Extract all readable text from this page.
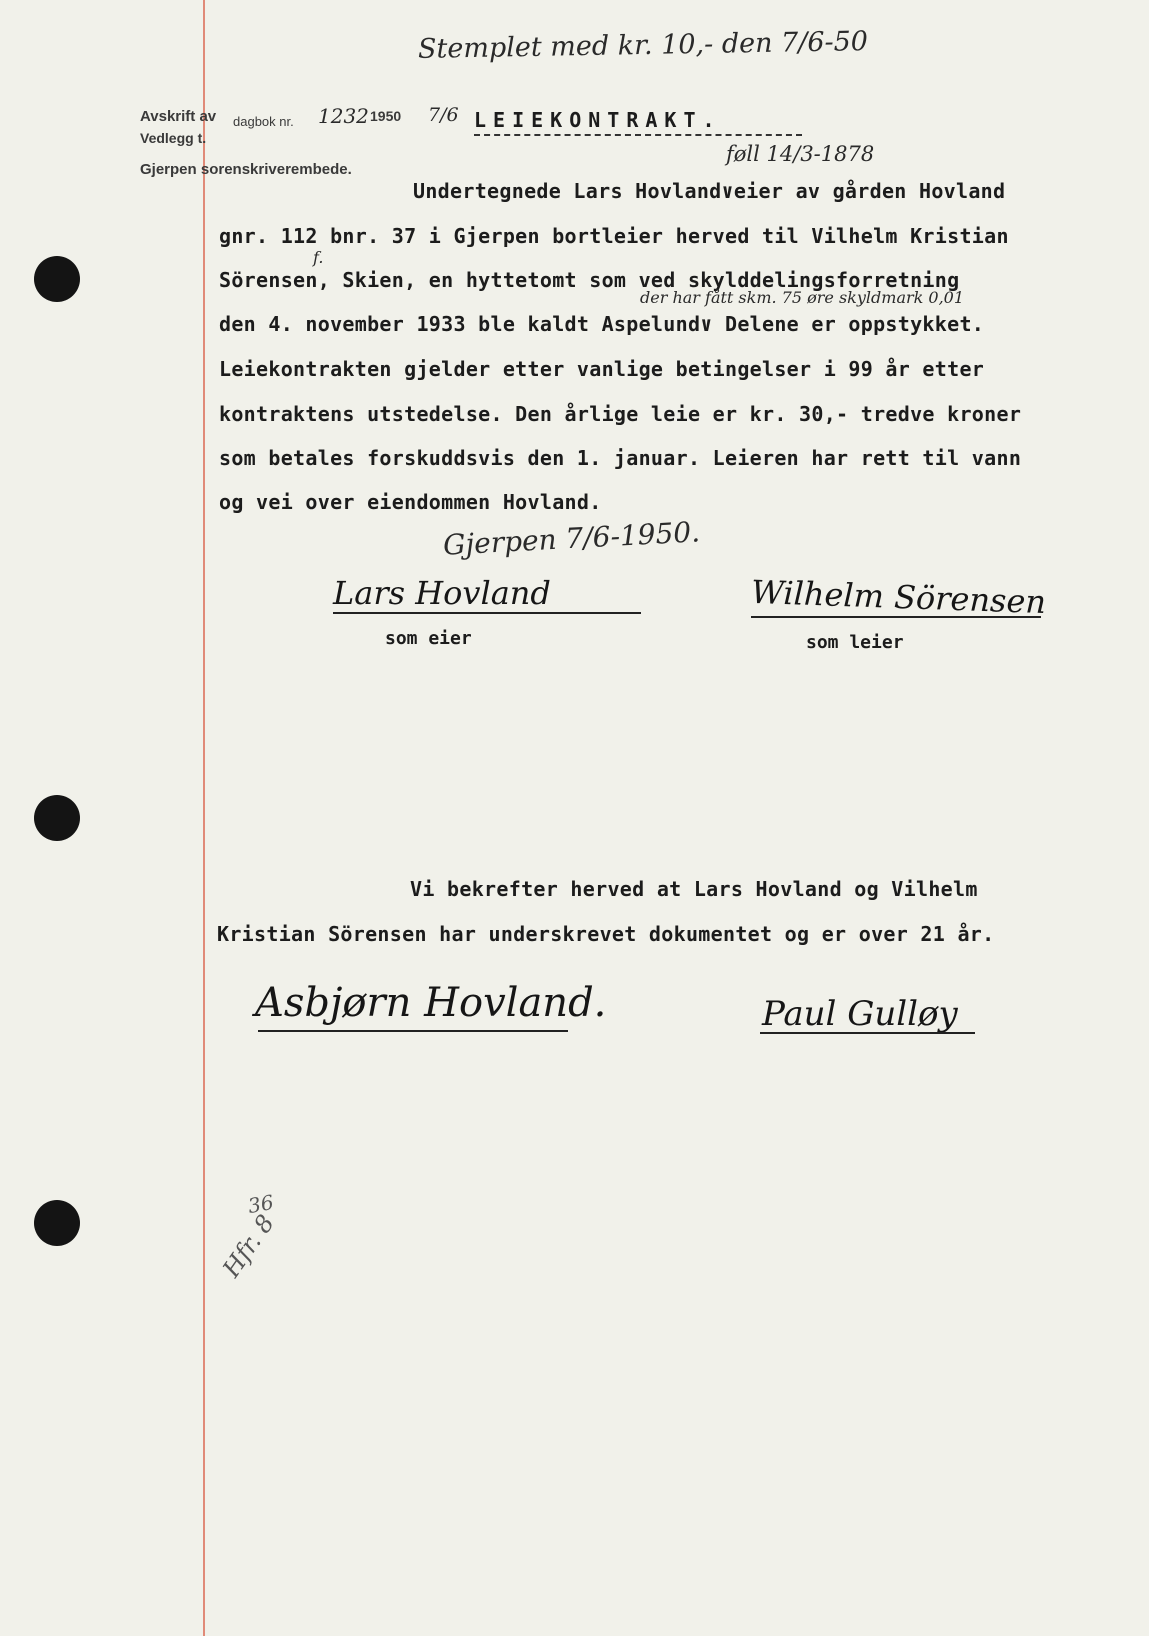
Stemplet med kr. 10,- den 7/6-50
Avskrift av dagbok nr. 1232 1950 7/6
Vedlegg t.
Gjerpen sorenskriverembede.
LEIEKONTRAKT.
føll 14/3-1878
Undertegnede Lars Hovland∨eier av gården Hovland
gnr. 112 bnr. 37 i Gjerpen bortleier herved til Vilhelm Kristian
f.
Sörensen, Skien, en hyttetomt som ved skylddelingsforretning
der har fått skm. 75 øre skyldmark 0,01
den 4. november 1933 ble kaldt Aspelund∨ Delene er oppstykket.
Leiekontrakten gjelder etter vanlige betingelser i 99 år etter
kontraktens utstedelse. Den årlige leie er kr. 30,- tredve kroner
som betales forskuddsvis den 1. januar. Leieren har rett til vann
og vei over eiendommen Hovland.
Gjerpen 7/6-1950.
Lars Hovland
som eier
Wilhelm Sörensen
som leier
Vi bekrefter herved at Lars Hovland og Vilhelm
Kristian Sörensen har underskrevet dokumentet og er over 21 år.
Asbjørn Hovland.	Paul Gulløy
36
Hfr. 8
